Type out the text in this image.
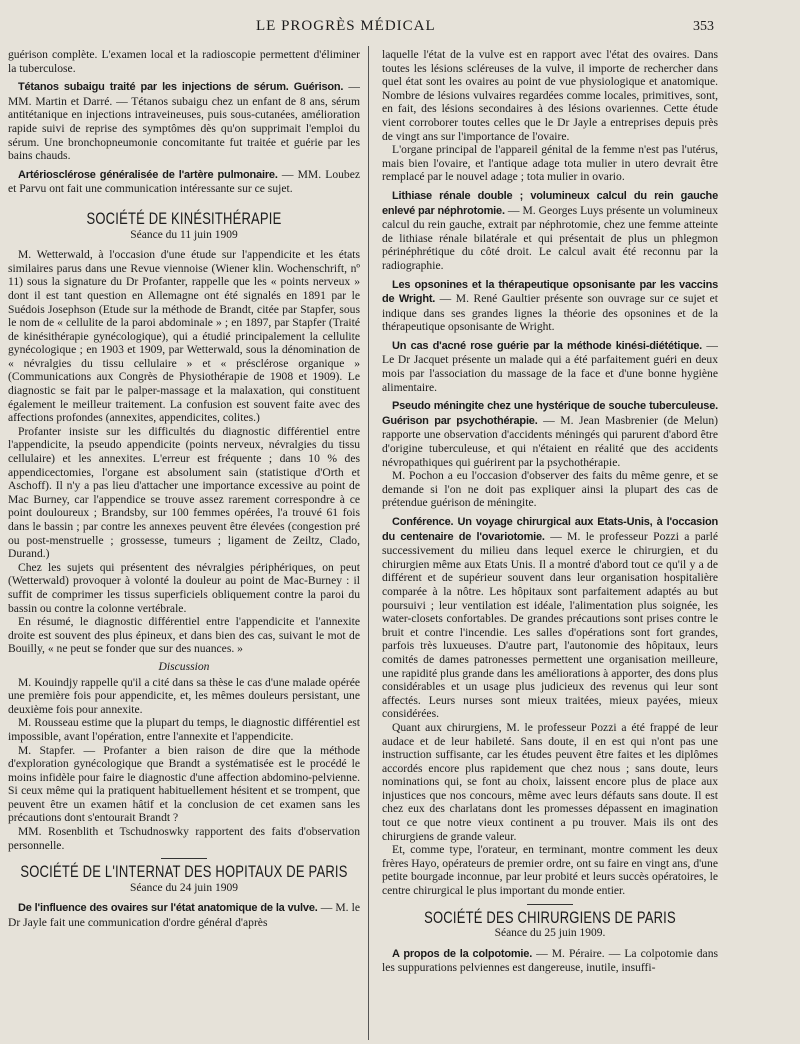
LE PROGRÈS MÉDICAL	353

guérison complète. L'examen local et la radioscopie permettent d'éliminer la tuberculose.

Tétanos subaigu traité par les injections de sérum. Guérison. — MM. Martin et Darré. — Tétanos subaigu chez un enfant de 8 ans, sérum antitétanique en injections intraveineuses, puis sous-cutanées, amélioration rapide suivi de reprise des symptômes dès qu'on supprimait l'emploi du sérum. Une bronchopneumonie concomitante fut traitée et guérie par les bains chauds.

Artériosclérose généralisée de l'artère pulmonaire. — MM. Loubez et Parvu ont fait une communication intéressante sur ce sujet.

SOCIÉTÉ DE KINÉSITHÉRAPIE
Séance du 11 juin 1909

M. Wetterwald, à l'occasion d'une étude sur l'appendicite et les états similaires parus dans une Revue viennoise (Wiener klin. Wochenschrift, nº 11) sous la signature du Dr Profanter, rappelle que les « points nerveux » dont il est tant question en Allemagne ont été signalés en 1891 par le Suédois Josephson (Etude sur la méthode de Brandt, citée par Stapfer, sous le nom de « cellulite de la paroi abdominale » ; en 1897, par Stapfer (Traité de kinésithérapie gynécologique), qui a étudié principalement la cellulite gynécologique ; en 1903 et 1909, par Wetterwald, sous la dénomination de « névralgies du tissu cellulaire » et « présclérose organique » (Communications aux Congrès de Physiothérapie de 1908 et 1909). Le diagnostic se fait par le palper-massage et la malaxation, qui constituent également le meilleur traitement. La confusion est souvent faite avec des affections profondes (annexites, appendicites, colites.)

Profanter insiste sur les difficultés du diagnostic différentiel entre l'appendicite, la pseudo appendicite (points nerveux, névralgies du tissu cellulaire) et les annexites. L'erreur est fréquente ; dans 10 % des appendicectomies, l'organe est absolument sain (statistique d'Orth et Aschoff). Il n'y a pas lieu d'attacher une importance excessive au point de Mac Burney, car l'appendice se trouve assez rarement correspondre à ce point douloureux ; Brandsby, sur 100 femmes opérées, l'a trouvé 61 fois dans le bassin ; par contre les annexes peuvent être élevées (congestion pré ou post-menstruelle ; grossesse, tumeurs ; ligament de Zeiltz, Clado, Durand.)

Chez les sujets qui présentent des névralgies périphériques, on peut (Wetterwald) provoquer à volonté la douleur au point de Mac-Burney : il suffit de comprimer les tissus superficiels obliquement contre la paroi du bassin ou contre la colonne vertébrale.

En résumé, le diagnostic différentiel entre l'appendicite et l'annexite droite est souvent des plus épineux, et dans bien des cas, suivant le mot de Bouilly, « ne peut se fonder que sur des nuances. »

Discussion

M. Kouindjy rappelle qu'il a cité dans sa thèse le cas d'une malade opérée une première fois pour appendicite, et, les mêmes douleurs persistant, une deuxième fois pour annexite.

M. Rousseau estime que la plupart du temps, le diagnostic différentiel est impossible, avant l'opération, entre l'annexite et l'appendicite.

M. Stapfer. — Profanter a bien raison de dire que la méthode d'exploration gynécologique que Brandt a systématisée est le procédé le moins infidèle pour faire le diagnostic d'une affection abdomino-pelvienne. Si ceux même qui la pratiquent habituellement hésitent et se trompent, que peuvent être un examen hâtif et la conclusion de cet examen sans les précautions dont s'entourait Brandt ?

MM. Rosenblith et Tschudnoswky rapportent des faits d'observation personnelle.

SOCIÉTÉ DE L'INTERNAT DES HOPITAUX DE PARIS
Séance du 24 juin 1909

De l'influence des ovaires sur l'état anatomique de la vulve. — M. le Dr Jayle fait une communication d'ordre général d'après

laquelle l'état de la vulve est en rapport avec l'état des ovaires. Dans toutes les lésions scléreuses de la vulve, il importe de rechercher dans quel état sont les ovaires au point de vue physiologique et anatomique. Nombre de lésions vulvaires regardées comme locales, primitives, sont, en fait, des lésions secondaires à des lésions ovariennes. Cette étude vient corroborer toutes celles que le Dr Jayle a entreprises depuis près de vingt ans sur l'importance de l'ovaire.

L'organe principal de l'appareil génital de la femme n'est pas l'utérus, mais bien l'ovaire, et l'antique adage tota mulier in utero devrait être remplacé par le nouvel adage ; tota mulier in ovario.

Lithiase rénale double ; volumineux calcul du rein gauche enlevé par néphrotomie. — M. Georges Luys présente un volumineux calcul du rein gauche, extrait par néphrotomie, chez une femme atteinte de lithiase rénale bilatérale et qui présentait de plus un phlegmon périnéphrétique du côté droit. Le calcul avait été reconnu par la radiographie.

Les opsonines et la thérapeutique opsonisante par les vaccins de Wright. — M. René Gaultier présente son ouvrage sur ce sujet et indique dans ses grandes lignes la théorie des opsonines et de la thérapeutique opsonisante de Wright.

Un cas d'acné rose guérie par la méthode kinési-diététique. — Le Dr Jacquet présente un malade qui a été parfaitement guéri en deux mois par l'association du massage de la face et d'une bonne hygiène alimentaire.

Pseudo méningite chez une hystérique de souche tuberculeuse. Guérison par psychothérapie. — M. Jean Masbrenier (de Melun) rapporte une observation d'accidents méningés qui parurent d'abord être d'origine tuberculeuse, et qui n'étaient en réalité que des accidents névropathiques qui guérirent par la psychothérapie.

M. Pochon a eu l'occasion d'observer des faits du même genre, et se demande si l'on ne doit pas expliquer ainsi la plupart des cas de prétendue guérison de méningite.

Conférence. Un voyage chirurgical aux Etats-Unis, à l'occasion du centenaire de l'ovariotomie. — M. le professeur Pozzi a parlé successivement du milieu dans lequel exerce le chirurgien, et du chirurgien même aux Etats Unis. Il a montré d'abord tout ce qu'il y a de différent et de supérieur souvent dans leur organisation hospitalière comparée à la nôtre. Les hôpitaux sont parfaitement adaptés au but poursuivi ; leur ventilation est idéale, l'alimentation plus soignée, les water-closets confortables. De grandes précautions sont prises contre le bruit et contre l'incendie. Les salles d'opérations sont fort grandes, parfois très luxueuses. D'autre part, l'autonomie des hôpitaux, leurs comités de dames patronesses permettent une organisation meilleure, une rapidité plus grande dans les améliorations à apporter, des dons plus considérables et un usage plus judicieux des revenus qui leur sont affectés. Leurs nurses sont mieux traitées, mieux payées, mieux considérées.

Quant aux chirurgiens, M. le professeur Pozzi a été frappé de leur audace et de leur habileté. Sans doute, il en est qui n'ont pas une instruction suffisante, car les études peuvent être faites et les diplômes accordés encore plus rapidement que chez nous ; sans doute, leurs nominations qui, se font au choix, laissent encore plus de place aux injustices que nos concours, même avec leurs défauts sans doute. Il est chez eux des charlatans dont les promesses dépassent en imagination tout ce que notre vieux continent a pu trouver. Mais ils ont des chirurgiens de grande valeur.

Et, comme type, l'orateur, en terminant, montre comment les deux frères Hayo, opérateurs de premier ordre, ont su faire en vingt ans, d'une petite bourgade inconnue, par leur probité et leurs succès opératoires, le centre chirurgical le plus important du monde entier.

SOCIÉTÉ DES CHIRURGIENS DE PARIS
Séance du 25 juin 1909.

A propos de la colpotomie. — M. Péraire. — La colpotomie dans les suppurations pelviennes est dangereuse, inutile, insuffi-
